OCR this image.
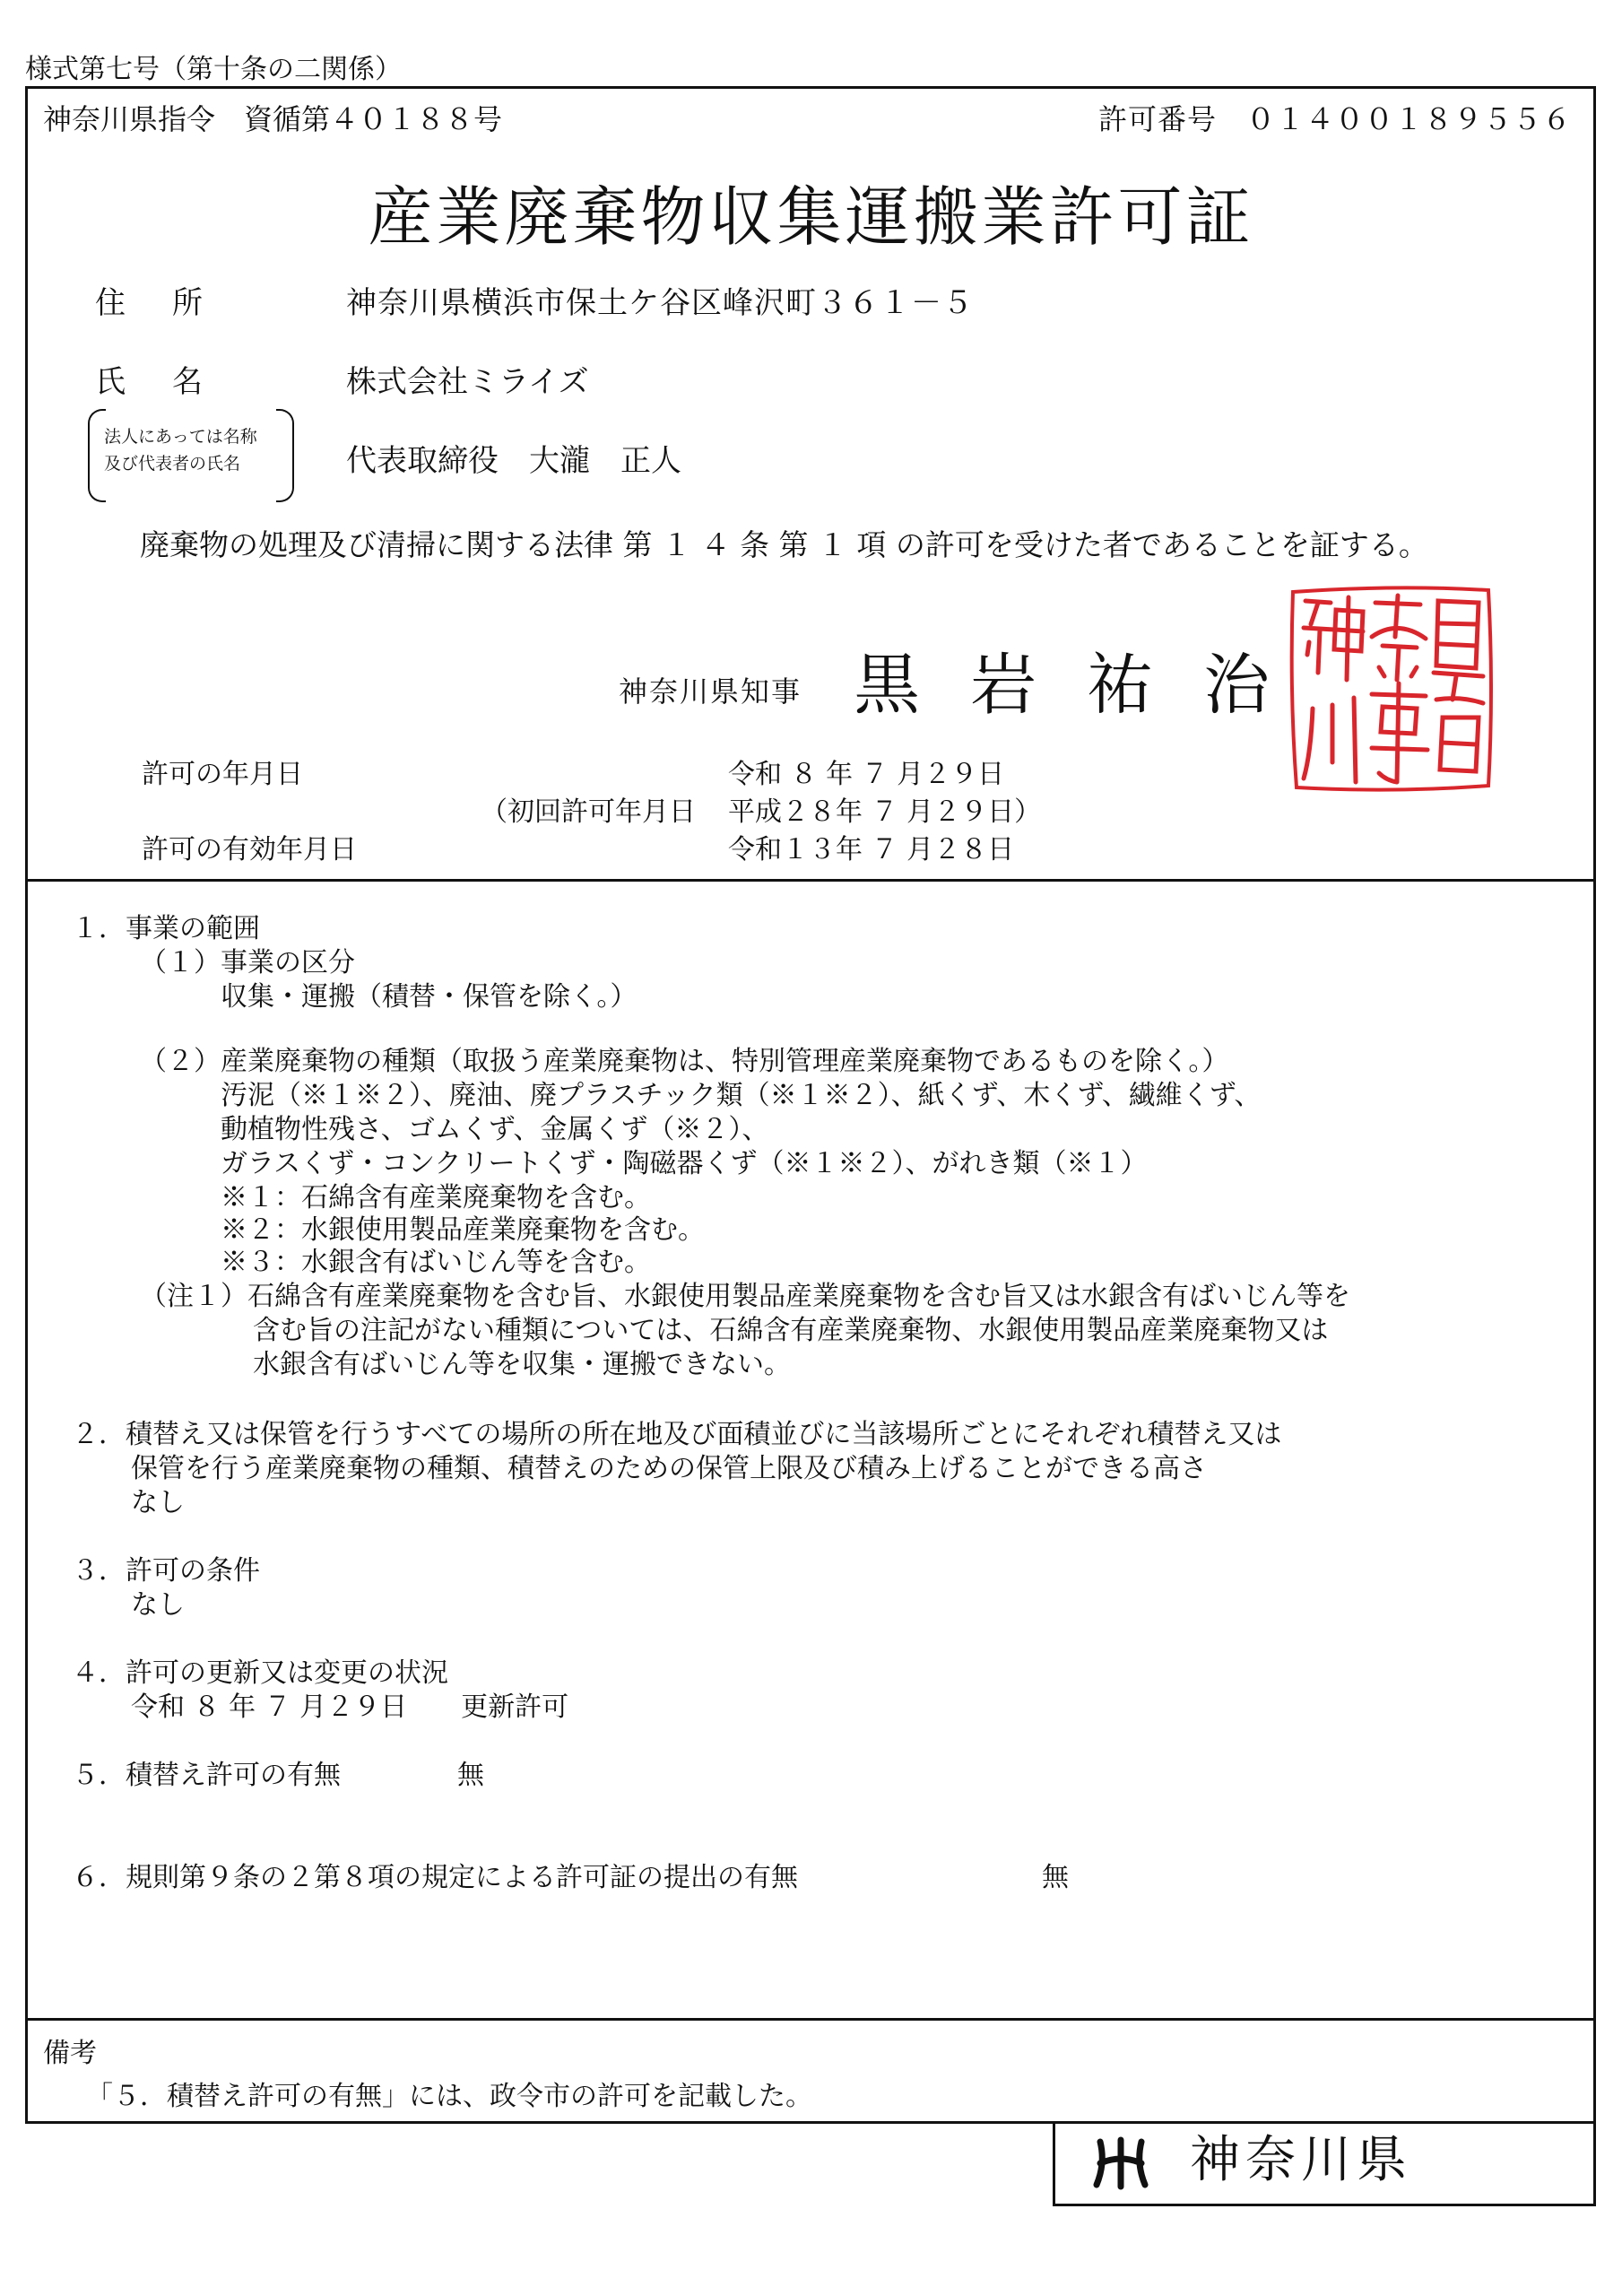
様式第七号（第十条の二関係）
神奈川県指令　資循第４０１８８号	許可番号　０１４００１８９５５６
産業廃棄物収集運搬業許可証
住所	神奈川県横浜市保土ケ谷区峰沢町３６１－５
氏名	株式会社ミライズ
法人にあっては名称
及び代表者の氏名	代表取締役　大瀧　正人
廃棄物の処理及び清掃に関する法律 第 １ ４ 条 第 １ 項 の許可を受けた者であることを証する。
神奈川県知事 黒岩祐治
許可の年月日	令和 ８ 年 ７ 月２９日
（初回許可年月日 平成２８年 ７ 月２９日）
許可の有効年月日	令和１３年 ７ 月２８日
１．事業の範囲
（１）事業の区分
収集・運搬（積替・保管を除く。）
（２）産業廃棄物の種類（取扱う産業廃棄物は、特別管理産業廃棄物であるものを除く。）
汚泥（※１※２）、廃油、廃プラスチック類（※１※２）、紙くず、木くず、繊維くず、
動植物性残さ、ゴムくず、金属くず（※２）、
ガラスくず・コンクリートくず・陶磁器くず（※１※２）、がれき類（※１）
※１：石綿含有産業廃棄物を含む。
※２：水銀使用製品産業廃棄物を含む。
※３：水銀含有ばいじん等を含む。
（注１）石綿含有産業廃棄物を含む旨、水銀使用製品産業廃棄物を含む旨又は水銀含有ばいじん等を
含む旨の注記がない種類については、石綿含有産業廃棄物、水銀使用製品産業廃棄物又は
水銀含有ばいじん等を収集・運搬できない。
２．積替え又は保管を行うすべての場所の所在地及び面積並びに当該場所ごとにそれぞれ積替え又は
保管を行う産業廃棄物の種類、積替えのための保管上限及び積み上げることができる高さ
なし
３．許可の条件
なし
４．許可の更新又は変更の状況
令和 ８ 年 ７ 月２９日　　更新許可
５．積替え許可の有無	無
６．規則第９条の２第８項の規定による許可証の提出の有無	無
備考
「５．積替え許可の有無」には、政令市の許可を記載した。
神奈川県
